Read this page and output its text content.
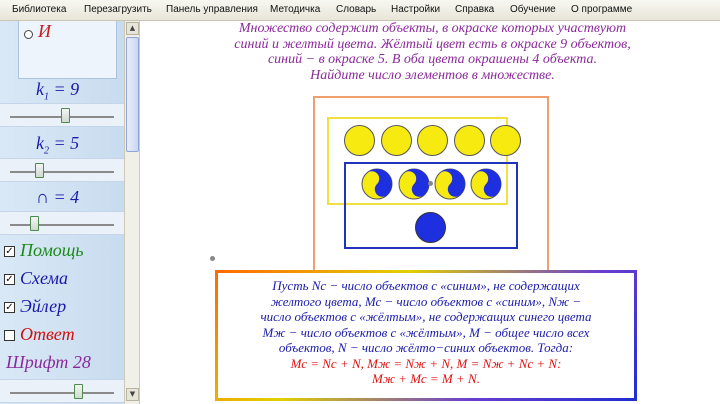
Библиотека Перезагрузить Панель управления Методичка Словарь Настройки Справка Обучение О программе
И
$k_1 = 9$
$k_2 = 5$
∩ = 4
✓ Помощь
✓ Схема
✓ Эйлер
Ответ
Шрифт 28
▲
▼
Множество содержит объекты, в окраске которых участвуют
синий и желтый цвета. Жёлтый цвет есть в окраске 9 объектов,
синий − в окраске 5. В оба цвета окрашены 4 объекта.
Найдите число элементов в множестве.
Пусть Nс − число объектов с «синим», не содержащих
желтого цвета, Мс − число объектов с «синим», Nж −
число объектов с «жёлтым», не содержащих синего цвета
Мж − число объектов с «жёлтым», М − общее число всех
объектов, N − число жёлто−синих объектов. Тогда:
Мс = Nс + N, Мж = Nж + N, М = Nж + Nс + N:
Мж + Мс = М + N.
